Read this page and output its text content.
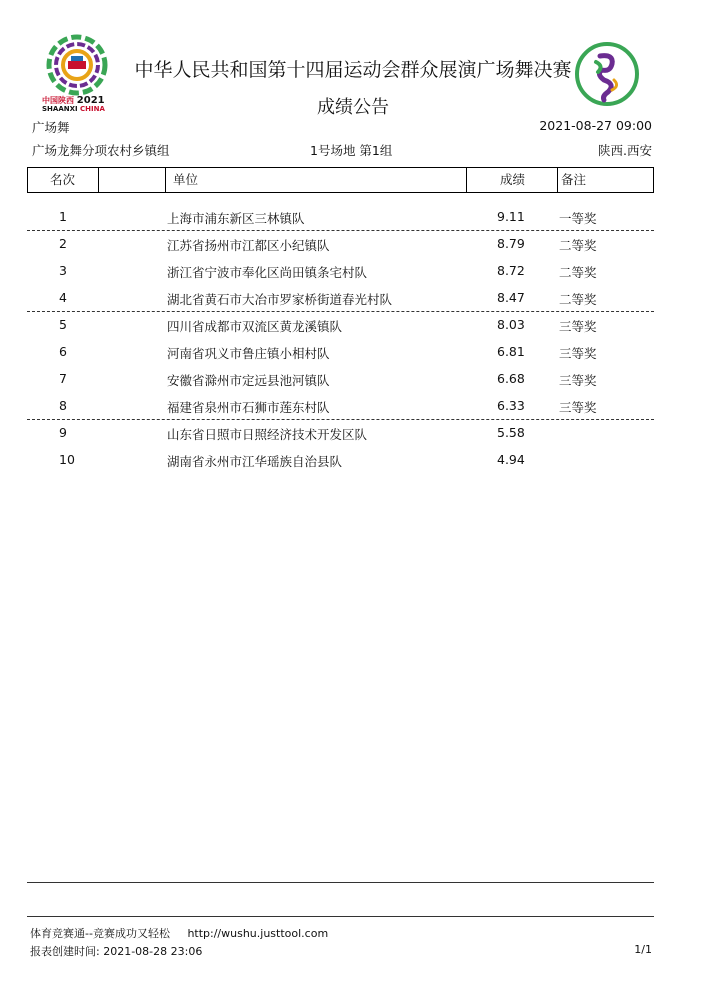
中国陕西 2021
SHAANXI CHINA
中华人民共和国第十四届运动会群众展演广场舞决赛
成绩公告
广场舞	2021-08-27 09:00
广场龙舞分项农村乡镇组	1号场地 第1组	陕西.西安
名次	单位	成绩	备注
1	上海市浦东新区三林镇队	9.11	一等奖
2	江苏省扬州市江都区小纪镇队	8.79	二等奖
3	浙江省宁波市奉化区尚田镇条宅村队	8.72	二等奖
4	湖北省黄石市大冶市罗家桥街道春光村队	8.47	二等奖
5	四川省成都市双流区黄龙溪镇队	8.03	三等奖
6	河南省巩义市鲁庄镇小相村队	6.81	三等奖
7	安徽省滁州市定远县池河镇队	6.68	三等奖
8	福建省泉州市石狮市莲东村队	6.33	三等奖
9	山东省日照市日照经济技术开发区队	5.58
10	湖南省永州市江华瑶族自治县队	4.94
体育竞赛通--竞赛成功又轻松 http://wushu.justtool.com
报表创建时间: 2021-08-28 23:06	1/1
